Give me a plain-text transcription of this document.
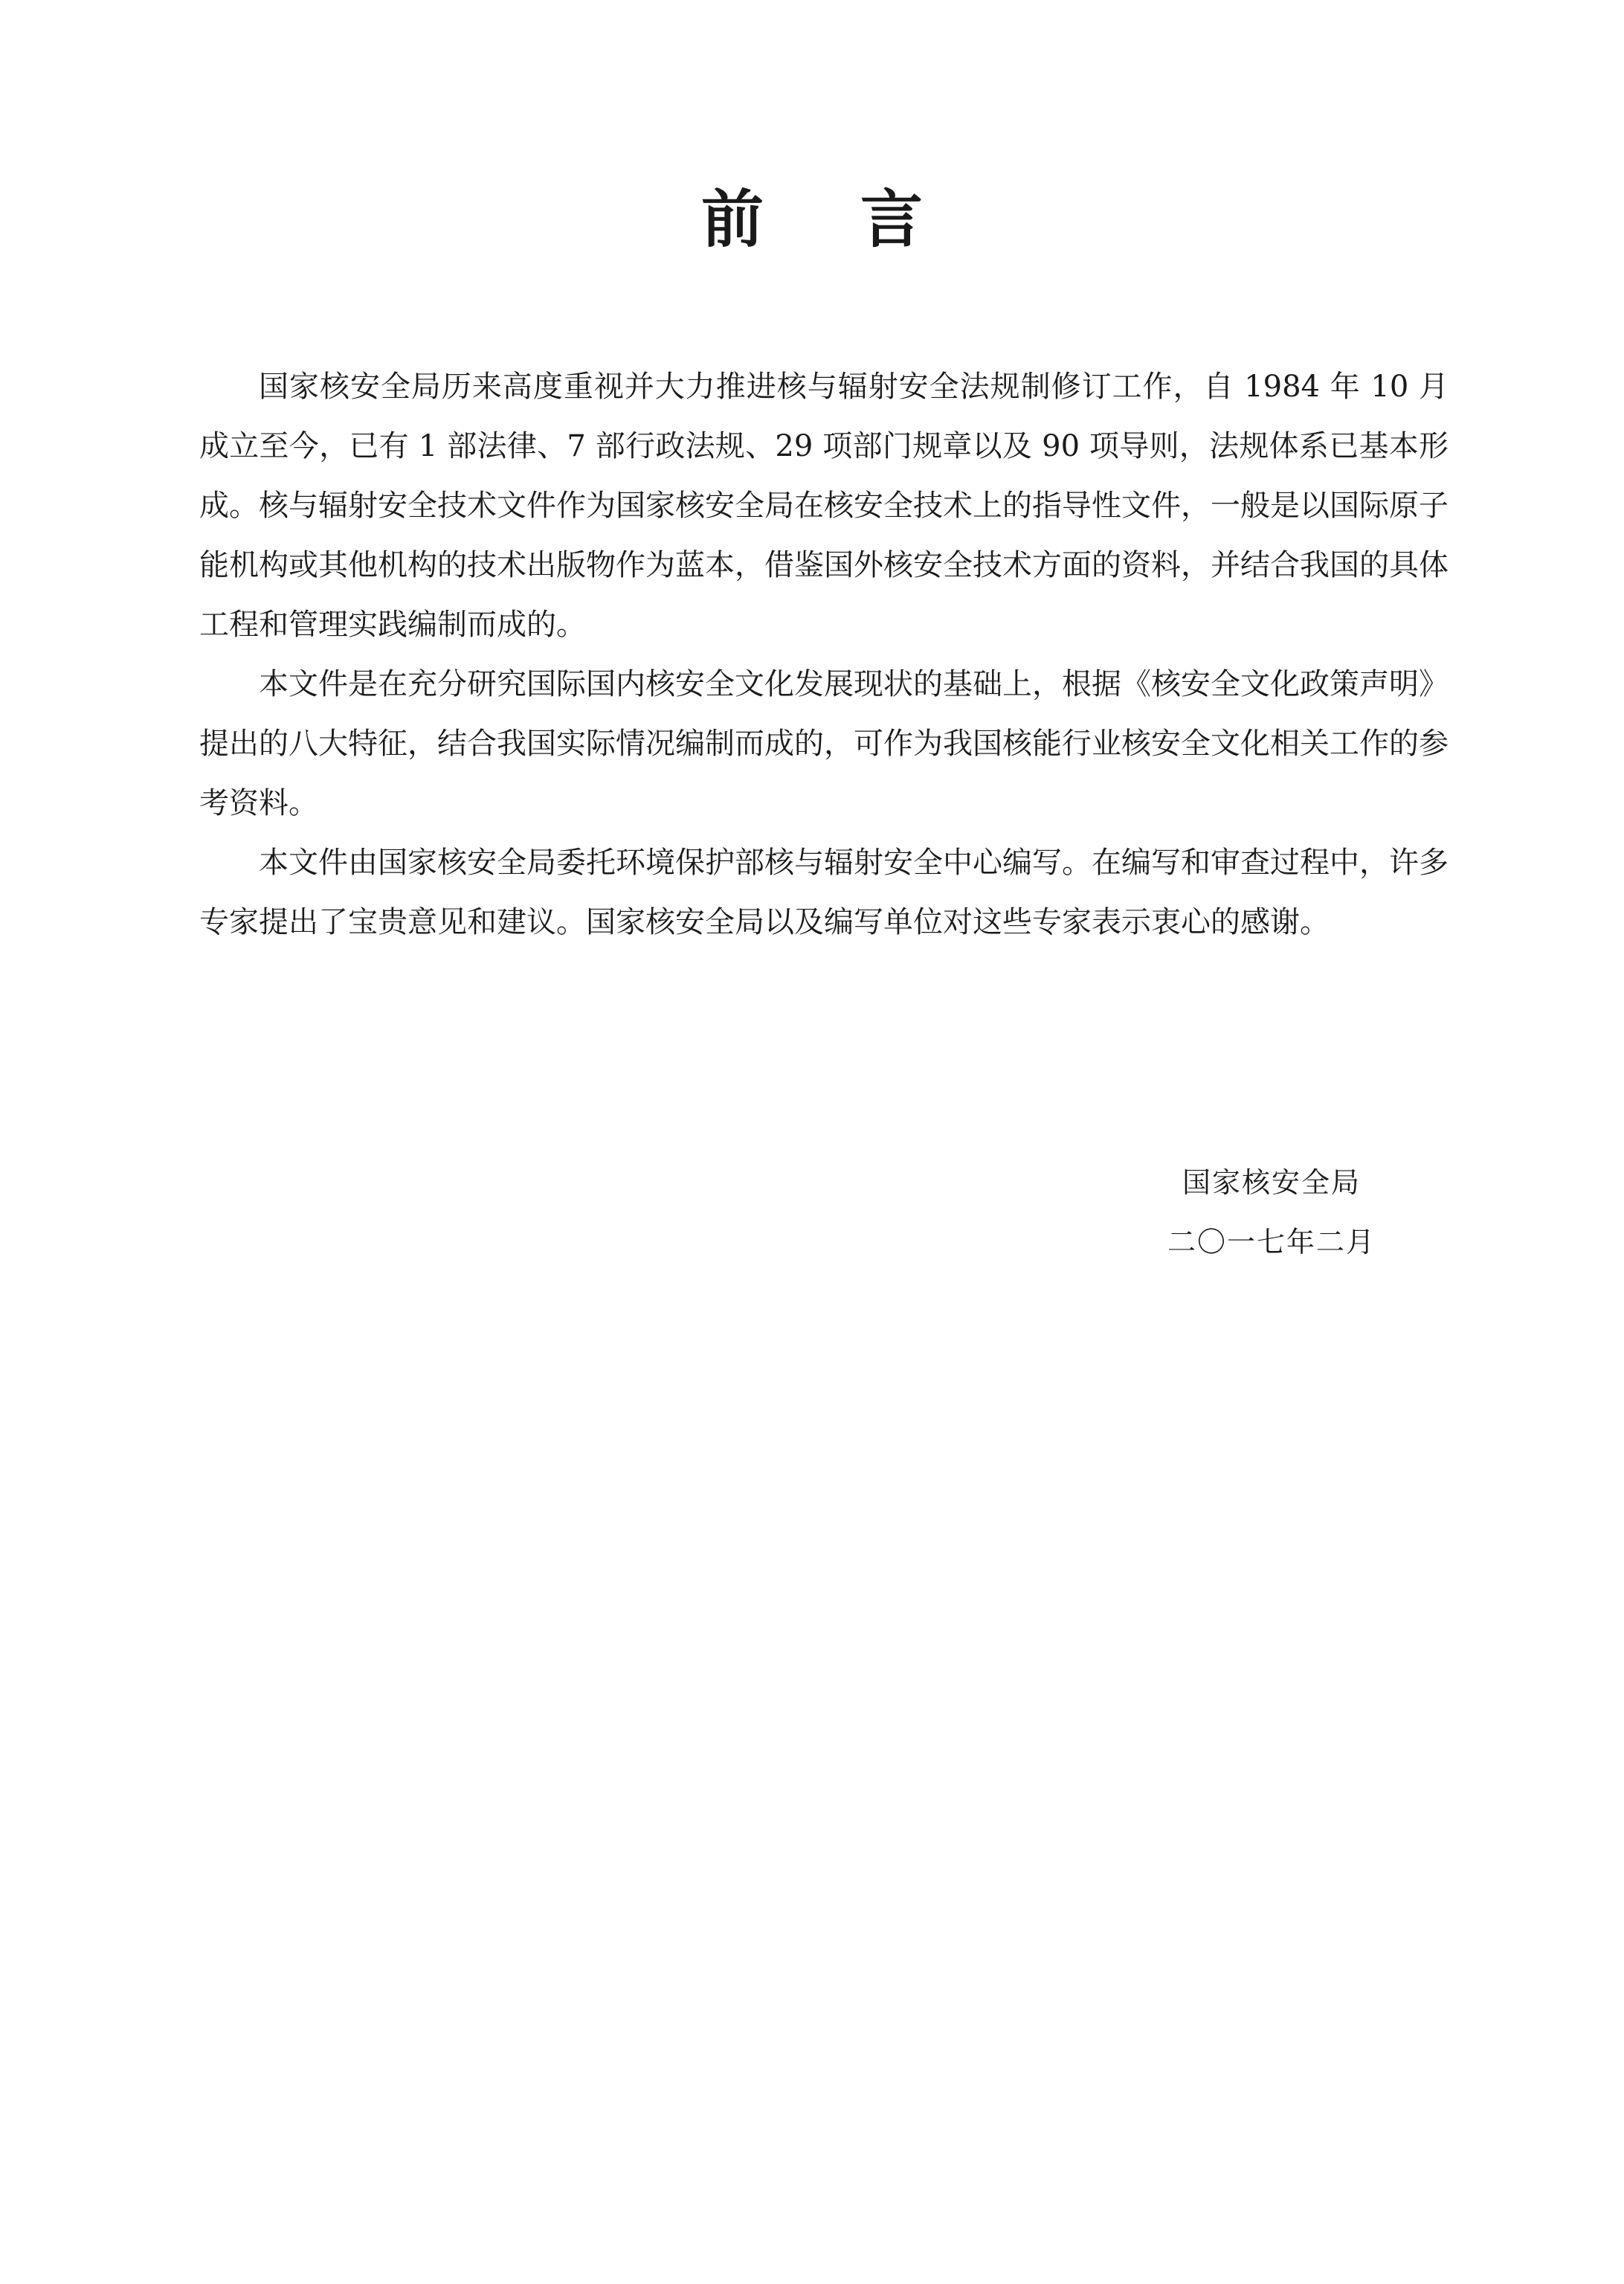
前言

国家核安全局历来高度重视并大力推进核与辐射安全法规制修订工作，自 1984 年 10 月成立至今，已有 1 部法律、7 部行政法规、29 项部门规章以及 90 项导则，法规体系已基本形成。核与辐射安全技术文件作为国家核安全局在核安全技术上的指导性文件，一般是以国际原子能机构或其他机构的技术出版物作为蓝本，借鉴国外核安全技术方面的资料，并结合我国的具体工程和管理实践编制而成的。

本文件是在充分研究国际国内核安全文化发展现状的基础上，根据《核安全文化政策声明》提出的八大特征，结合我国实际情况编制而成的，可作为我国核能行业核安全文化相关工作的参考资料。

本文件由国家核安全局委托环境保护部核与辐射安全中心编写。在编写和审查过程中，许多专家提出了宝贵意见和建议。国家核安全局以及编写单位对这些专家表示衷心的感谢。

国家核安全局

二〇一七年二月
